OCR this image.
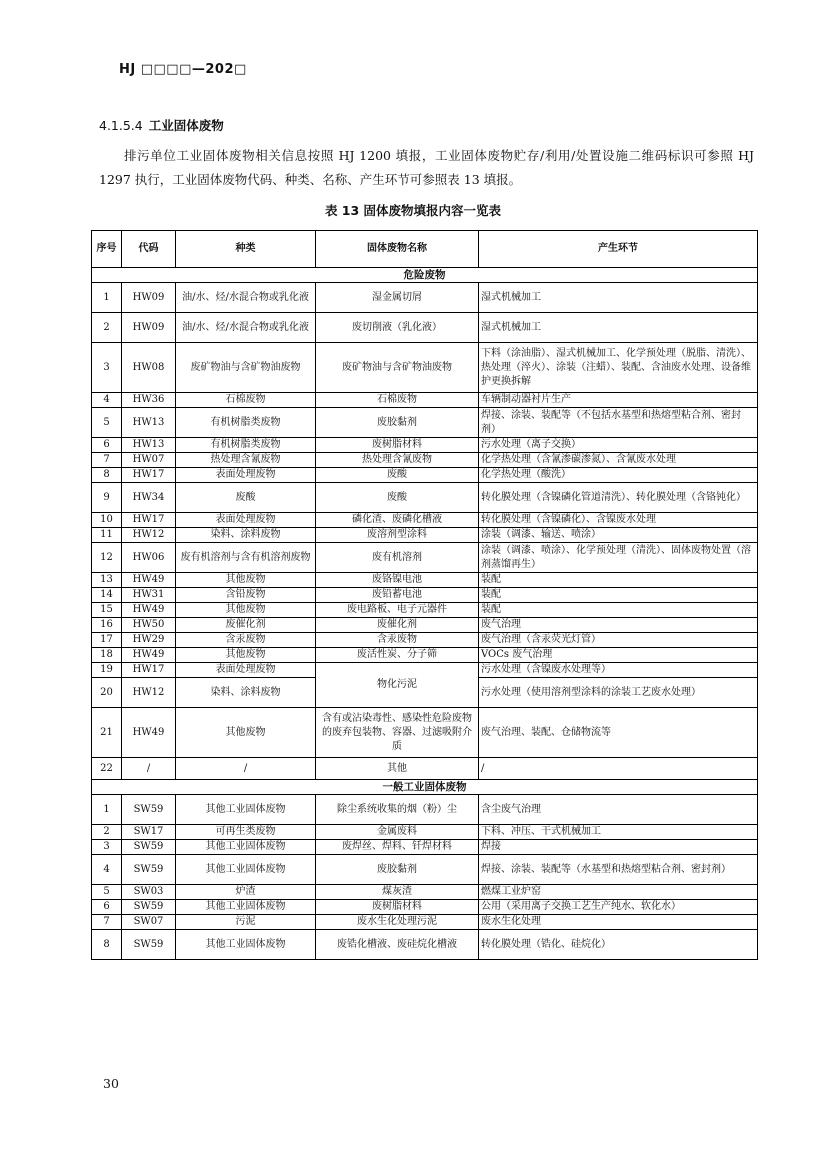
HJ □□□□—202□
4.1.5.4 工业固体废物
排污单位工业固体废物相关信息按照 HJ 1200 填报，工业固体废物贮存/利用/处置设施二维码标识可参照 HJ 1297 执行，工业固体废物代码、种类、名称、产生环节可参照表 13 填报。
表 13 固体废物填报内容一览表
序号	代码	种类	固体废物名称	产生环节
危险废物				
1	HW09	油/水、烃/水混合物或乳化液	湿金属切屑	湿式机械加工
2	HW09	油/水、烃/水混合物或乳化液	废切削液（乳化液）	湿式机械加工
3	HW08	废矿物油与含矿物油废物	废矿物油与含矿物油废物	下料（涂油脂）、湿式机械加工、化学预处理（脱脂、清洗）、热处理（淬火）、涂装（注蜡）、装配、含油废水处理、设备维护更换拆解
4	HW36	石棉废物	石棉废物	车辆制动器衬片生产
5	HW13	有机树脂类废物	废胶黏剂	焊接、涂装、装配等（不包括水基型和热熔型粘合剂、密封剂）
6	HW13	有机树脂类废物	废树脂材料	污水处理（离子交换）
7	HW07	热处理含氰废物	热处理含氰废物	化学热处理（含氰渗碳渗氮）、含氰废水处理
8	HW17	表面处理废物	废酸	化学热处理（酸洗）
9	HW34	废酸	废酸	转化膜处理（含镍磷化管道清洗）、转化膜处理（含铬钝化）
10	HW17	表面处理废物	磷化渣、废磷化槽液	转化膜处理（含镍磷化）、含镍废水处理
11	HW12	染料、涂料废物	废溶剂型涂料	涂装（调漆、输送、喷涂）
12	HW06	废有机溶剂与含有机溶剂废物	废有机溶剂	涂装（调漆、喷涂）、化学预处理（清洗）、固体废物处置（溶剂蒸馏再生）
13	HW49	其他废物	废铬镍电池	装配
14	HW31	含铅废物	废铅蓄电池	装配
15	HW49	其他废物	废电路板、电子元器件	装配
16	HW50	废催化剂	废催化剂	废气治理
17	HW29	含汞废物	含汞废物	废气治理（含汞荧光灯管）
18	HW49	其他废物	废活性炭、分子筛	VOCs 废气治理
19	HW17	表面处理废物	物化污泥	污水处理（含镍废水处理等）
20	HW12	染料、涂料废物		污水处理（使用溶剂型涂料的涂装工艺废水处理）
21	HW49	其他废物	含有或沾染毒性、感染性危险废物的废弃包装物、容器、过滤吸附介质	废气治理、装配、仓储物流等
22	/	/	其他	/
一般工业固体废物				
1	SW59	其他工业固体废物	除尘系统收集的烟（粉）尘	含尘废气治理
2	SW17	可再生类废物	金属废料	下料、冲压、干式机械加工
3	SW59	其他工业固体废物	废焊丝、焊料、钎焊材料	焊接
4	SW59	其他工业固体废物	废胶黏剂	焊接、涂装、装配等（水基型和热熔型粘合剂、密封剂）
5	SW03	炉渣	煤灰渣	燃煤工业炉窑
6	SW59	其他工业固体废物	废树脂材料	公用（采用离子交换工艺生产纯水、软化水）
7	SW07	污泥	废水生化处理污泥	废水生化处理
8	SW59	其他工业固体废物	废锆化槽液、废硅烷化槽液	转化膜处理（锆化、硅烷化）
30
